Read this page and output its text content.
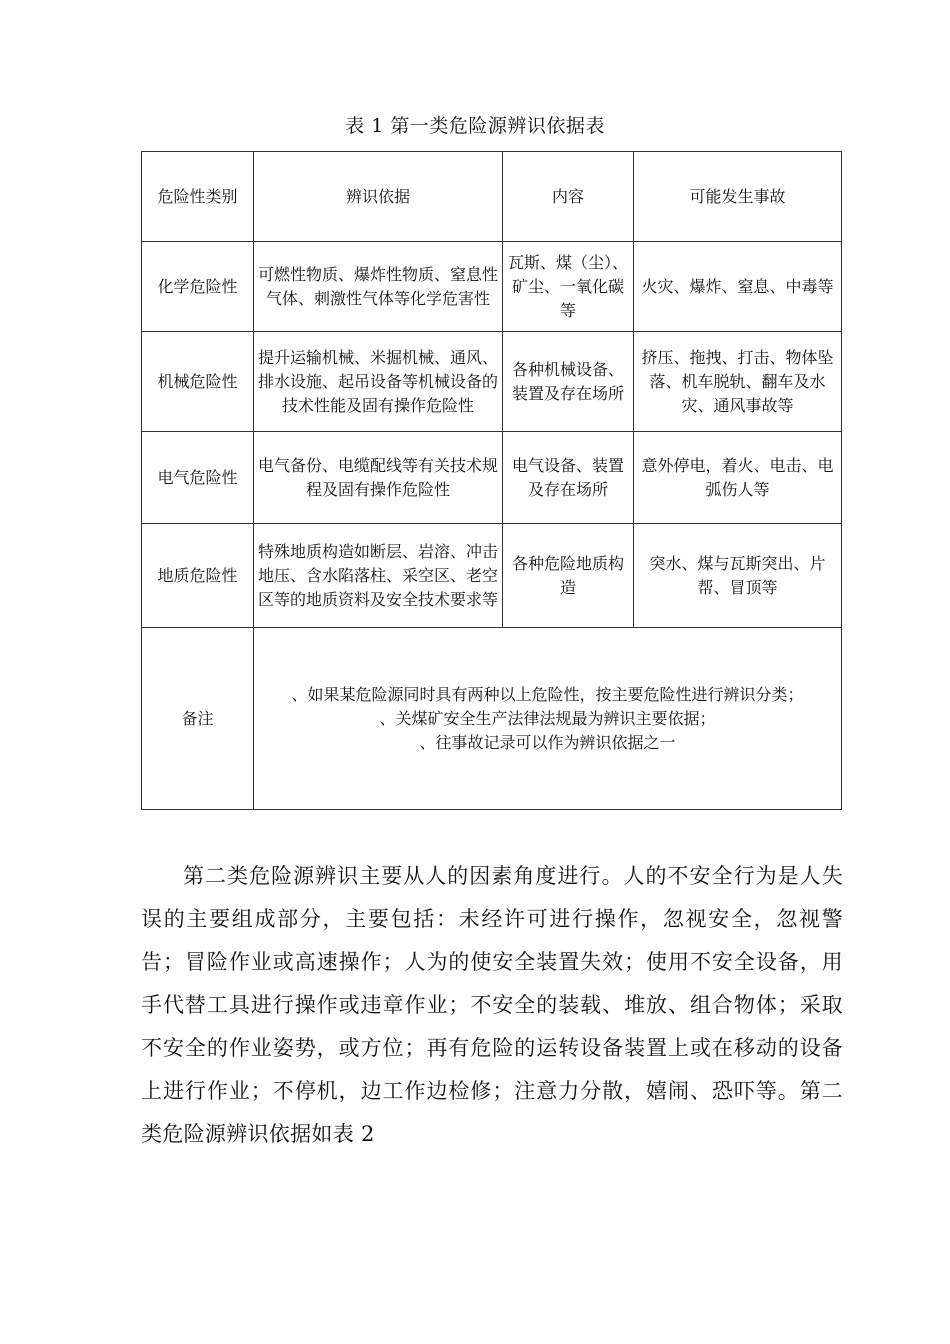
表 1 第一类危险源辨识依据表
危险性类别	辨识依据	内容	可能发生事故
化学危险性	可燃性物质、爆炸性物质、窒息性气体、刺激性气体等化学危害性	瓦斯、煤（尘）、矿尘、一氧化碳等	火灾、爆炸、窒息、中毒等
机械危险性	提升运输机械、米掘机械、通风、排水设施、起吊设备等机械设备的技术性能及固有操作危险性	各种机械设备、装置及存在场所	挤压、拖拽、打击、物体坠落、机车脱轨、翻车及水灾、通风事故等
电气危险性	电气备份、电缆配线等有关技术规程及固有操作危险性	电气设备、装置及存在场所	意外停电，着火、电击、电弧伤人等
地质危险性	特殊地质构造如断层、岩溶、冲击地压、含水陷落柱、采空区、老空区等的地质资料及安全技术要求等	各种危险地质构造	突水、煤与瓦斯突出、片帮、冒顶等
备注	、如果某危险源同时具有两种以上危险性，按主要危险性进行辨识分类；
、关煤矿安全生产法律法规最为辨识主要依据；
、往事故记录可以作为辨识依据之一		

第二类危险源辨识主要从人的因素角度进行。人的不安全行为是人失误的主要组成部分，主要包括：未经许可进行操作，忽视安全，忽视警告；冒险作业或高速操作；人为的使安全装置失效；使用不安全设备，用手代替工具进行操作或违章作业；不安全的装载、堆放、组合物体；采取不安全的作业姿势，或方位；再有危险的运转设备装置上或在移动的设备上进行作业；不停机，边工作边检修；注意力分散，嬉闹、恐吓等。第二类危险源辨识依据如表 2
